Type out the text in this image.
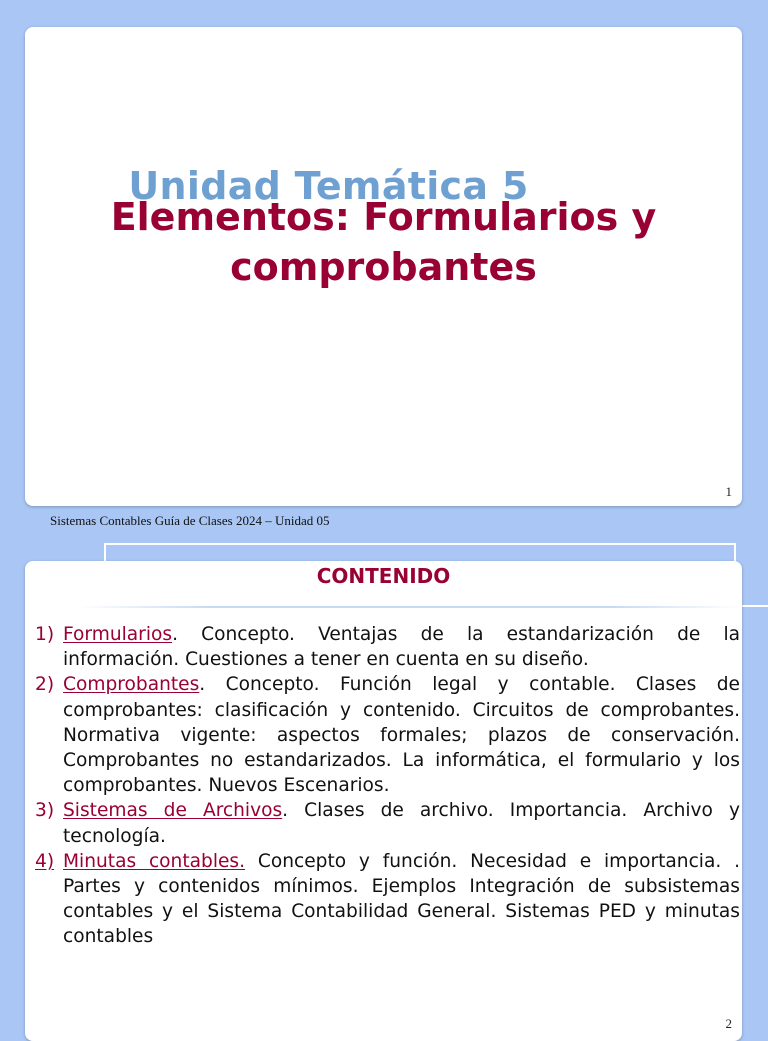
Unidad Temática 5
Elementos: Formularios y comprobantes
1
Sistemas Contables Guía de Clases 2024 – Unidad 05
CONTENIDO
1) Formularios. Concepto. Ventajas de la estandarización de la información. Cuestiones a tener en cuenta en su diseño.
2) Comprobantes. Concepto. Función legal y contable. Clases de comprobantes: clasificación y contenido. Circuitos de comprobantes. Normativa vigente: aspectos formales; plazos de conservación. Comprobantes no estandarizados. La informática, el formulario y los comprobantes. Nuevos Escenarios.
3) Sistemas de Archivos. Clases de archivo. Importancia. Archivo y tecnología.
4) Minutas contables. Concepto y función. Necesidad e importancia. . Partes y contenidos mínimos. Ejemplos Integración de subsistemas contables y el Sistema Contabilidad General. Sistemas PED y minutas contables
2
